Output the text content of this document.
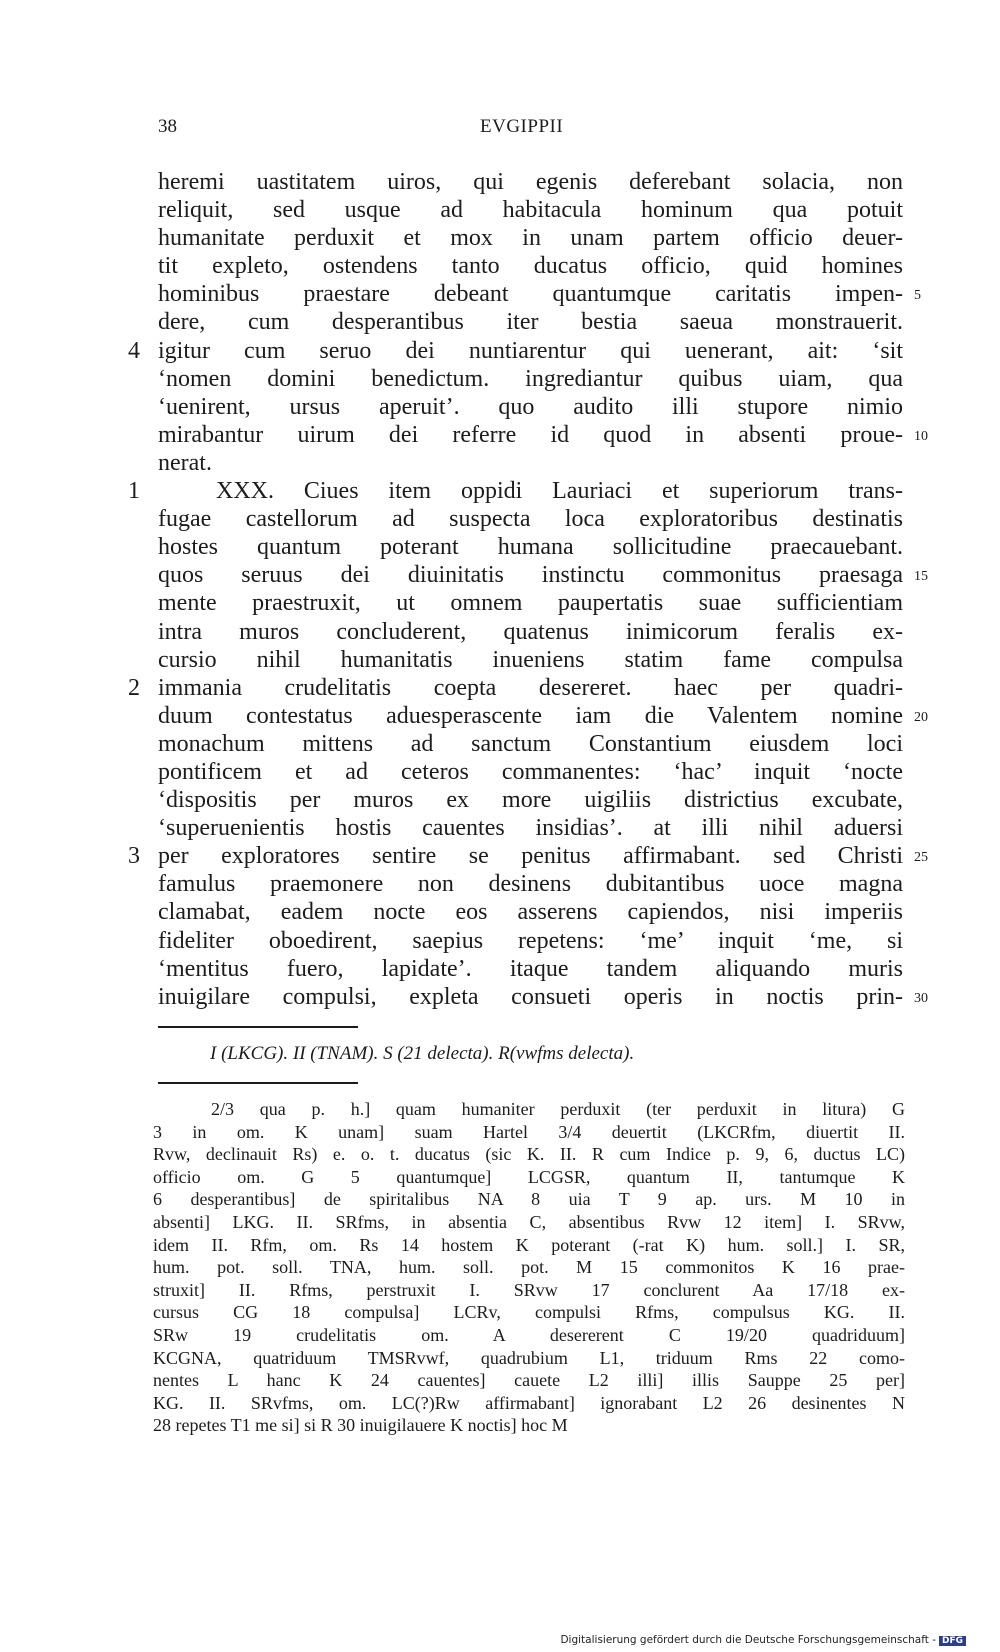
38	EVGIPPII
heremi uastitatem uiros, qui egenis deferebant solacia, non
reliquit, sed usque ad habitacula hominum qua potuit
humanitate perduxit et mox in unam partem officio deuer-
tit expleto, ostendens tanto ducatus officio, quid homines
hominibus praestare debeant quantumque caritatis impen- 5
dere, cum desperantibus iter bestia saeua monstrauerit.
4 igitur cum seruo dei nuntiarentur qui uenerant, ait: ‘sit
‘nomen domini benedictum. ingrediantur quibus uiam, qua
‘uenirent, ursus aperuit’. quo audito illi stupore nimio
mirabantur uirum dei referre id quod in absenti proue- 10
nerat.
1	XXX. Ciues item oppidi Lauriaci et superiorum trans-
fugae castellorum ad suspecta loca exploratoribus destinatis
hostes quantum poterant humana sollicitudine praecauebant.
quos seruus dei diuinitatis instinctu commonitus praesaga 15
mente praestruxit, ut omnem paupertatis suae sufficientiam
intra muros concluderent, quatenus inimicorum feralis ex-
cursio nihil humanitatis inueniens statim fame compulsa
2 immania crudelitatis coepta desereret. haec per quadri-
duum contestatus aduesperascente iam die Valentem nomine 20
monachum mittens ad sanctum Constantium eiusdem loci
pontificem et ad ceteros commanentes: ‘hac’ inquit ‘nocte
‘dispositis per muros ex more uigiliis districtius excubate,
‘superuenientis hostis cauentes insidias’. at illi nihil aduersi
3 per exploratores sentire se penitus affirmabant. sed Christi 25
famulus praemonere non desinens dubitantibus uoce magna
clamabat, eadem nocte eos asserens capiendos, nisi imperiis
fideliter oboedirent, saepius repetens: ‘me’ inquit ‘me, si
‘mentitus fuero, lapidate’. itaque tandem aliquando muris
inuigilare compulsi, expleta consueti operis in noctis prin- 30
I (LKCG). II (TNAM). S (21 delecta). R(vwfms delecta).
2/3 qua p. h.] quam humaniter perduxit (ter perduxit in litura) G
3 in om. K unam] suam Hartel 3/4 deuertit (LKCRfm, diuertit II.
Rvw, declinauit Rs) e. o. t. ducatus (sic K. II. R cum Indice p. 9, 6, ductus LC)
officio om. G 5 quantumque] LCGSR, quantum II, tantumque K
6 desperantibus] de spiritalibus NA 8 uia T 9 ap. urs. M 10 in
absenti] LKG. II. SRfms, in absentia C, absentibus Rvw 12 item] I. SRvw,
idem II. Rfm, om. Rs 14 hostem K poterant (-rat K) hum. soll.] I. SR,
hum. pot. soll. TNA, hum. soll. pot. M 15 commonitos K 16 prae-
struxit] II. Rfms, perstruxit I. SRvw 17 conclurent Aa 17/18 ex-
cursus CG 18 compulsa] LCRv, compulsi Rfms, compulsus KG. II.
SRw 19 crudelitatis om. A desererent C 19/20 quadriduum]
KCGNA, quatriduum TMSRvwf, quadrubium L1, triduum Rms 22 como-
nentes L hanc K 24 cauentes] cauete L2 illi] illis Sauppe 25 per]
KG. II. SRvfms, om. LC(?)Rw affirmabant] ignorabant L2 26 desinentes N
28 repetes T1 me si] si R 30 inuigilauere K noctis] hoc M
Digitalisierung gefördert durch die Deutsche Forschungsgemeinschaft - DFG
